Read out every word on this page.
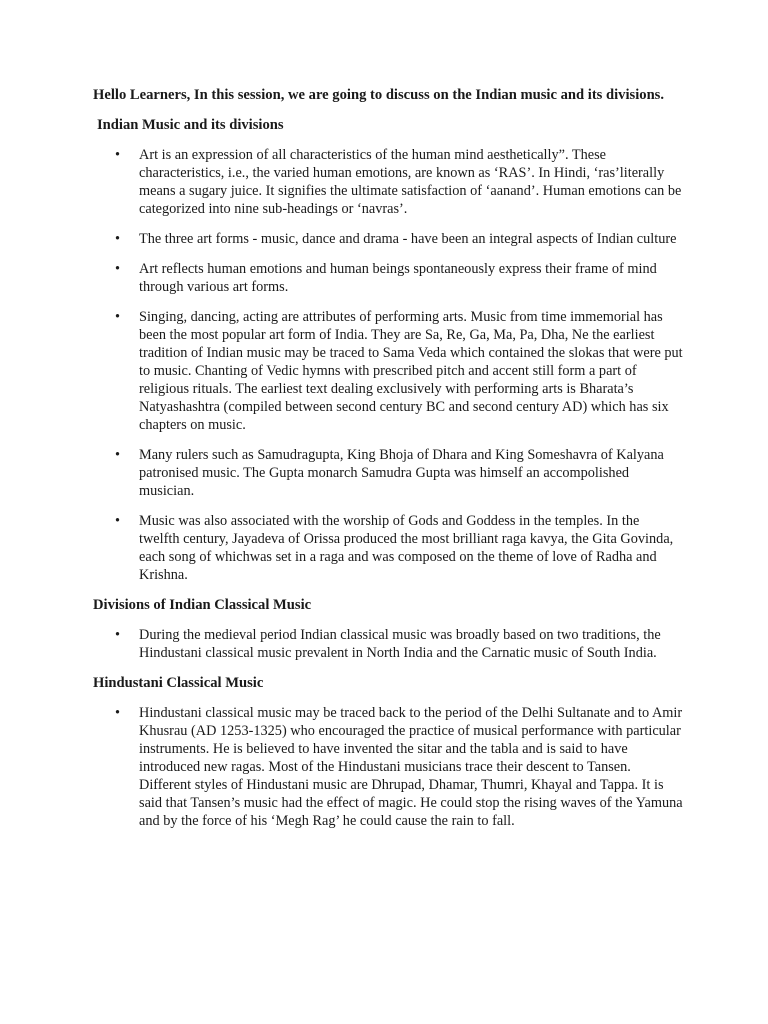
Hello Learners, In this session, we are going to discuss on the Indian music and its divisions.

Indian Music and its divisions
• Art is an expression of all characteristics of the human mind aesthetically”. These characteristics, i.e., the varied human emotions, are known as ‘RAS’. In Hindi, ‘ras’literally means a sugary juice. It signifies the ultimate satisfaction of ‘aanand’. Human emotions can be categorized into nine sub-headings or ‘navras’.
• The three art forms - music, dance and drama - have been an integral aspects of Indian culture
• Art reflects human emotions and human beings spontaneously express their frame of mind through various art forms.
• Singing, dancing, acting are attributes of performing arts. Music from time immemorial has been the most popular art form of India. They are Sa, Re, Ga, Ma, Pa, Dha, Ne the earliest tradition of Indian music may be traced to Sama Veda which contained the slokas that were put to music. Chanting of Vedic hymns with prescribed pitch and accent still form a part of religious rituals. The earliest text dealing exclusively with performing arts is Bharata’s Natyashashtra (compiled between second century BC and second century AD) which has six chapters on music.
• Many rulers such as Samudragupta, King Bhoja of Dhara and King Someshavra of Kalyana patronised music. The Gupta monarch Samudra Gupta was himself an accompolished musician.
• Music was also associated with the worship of Gods and Goddess in the temples. In the twelfth century, Jayadeva of Orissa produced the most brilliant raga kavya, the Gita Govinda, each song of whichwas set in a raga and was composed on the theme of love of Radha and Krishna.
Divisions of Indian Classical Music
• During the medieval period Indian classical music was broadly based on two traditions, the Hindustani classical music prevalent in North India and the Carnatic music of South India.
Hindustani Classical Music
• Hindustani classical music may be traced back to the period of the Delhi Sultanate and to Amir Khusrau (AD 1253-1325) who encouraged the practice of musical performance with particular instruments. He is believed to have invented the sitar and the tabla and is said to have introduced new ragas. Most of the Hindustani musicians trace their descent to Tansen. Different styles of Hindustani music are Dhrupad, Dhamar, Thumri, Khayal and Tappa. It is said that Tansen’s music had the effect of magic. He could stop the rising waves of the Yamuna and by the force of his ‘Megh Rag’ he could cause the rain to fall.
